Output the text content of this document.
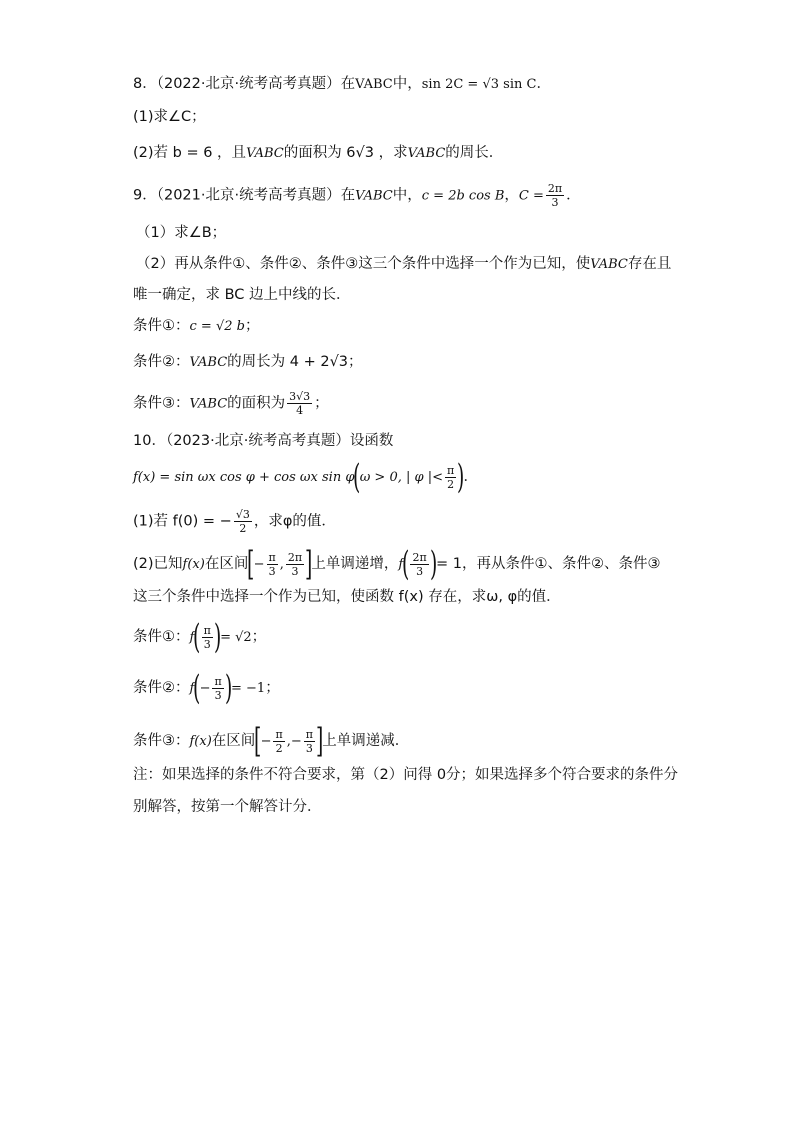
8．（2022·北京·统考高考真题）在VABC中，sin 2C = √3 sin C．
(1)求∠C；
(2)若 b = 6 ，且VABC的面积为 6√3 ，求VABC的周长．
9．（2021·北京·统考高考真题）在VABC中，c = 2b cos B，$C = \frac{2\pi}{3}$ ．
（1）求∠B；
（2）再从条件①、条件②、条件③这三个条件中选择一个作为已知，使VABC存在且
唯一确定，求 BC 边上中线的长．
条件①：c = √2 b；
条件②：VABC的周长为 4 + 2√3；
条件③：VABC的面积为 $\frac{3√3}{4}$ ；
10．（2023·北京·统考高考真题）设函数
f(x) = sin ωx cos φ + cos ωx sin φ(ω > 0, | φ |< $\frac{\pi}{2}$ )．
(1)若 f(0) = − $\frac{√3}{2}$ ，求φ的值．
(2)已知f(x)在区间[− $\frac{\pi}{3}$ , $\frac{2\pi}{3}$ ]上单调递增，$f( \frac{2\pi}{3}$ )= 1，再从条件①、条件②、条件③
这三个条件中选择一个作为已知，使函数 f(x) 存在，求ω, φ的值．
条件①：$f( \frac{\pi}{3}$ )= √2；
条件②：$f(- \frac{\pi}{3}$ )= −1；
条件③：f(x)在区间[− $\frac{\pi}{2}$ ,− $\frac{\pi}{3}$ ]上单调递减．
注：如果选择的条件不符合要求，第（2）问得 0分；如果选择多个符合要求的条件分
别解答，按第一个解答计分．
